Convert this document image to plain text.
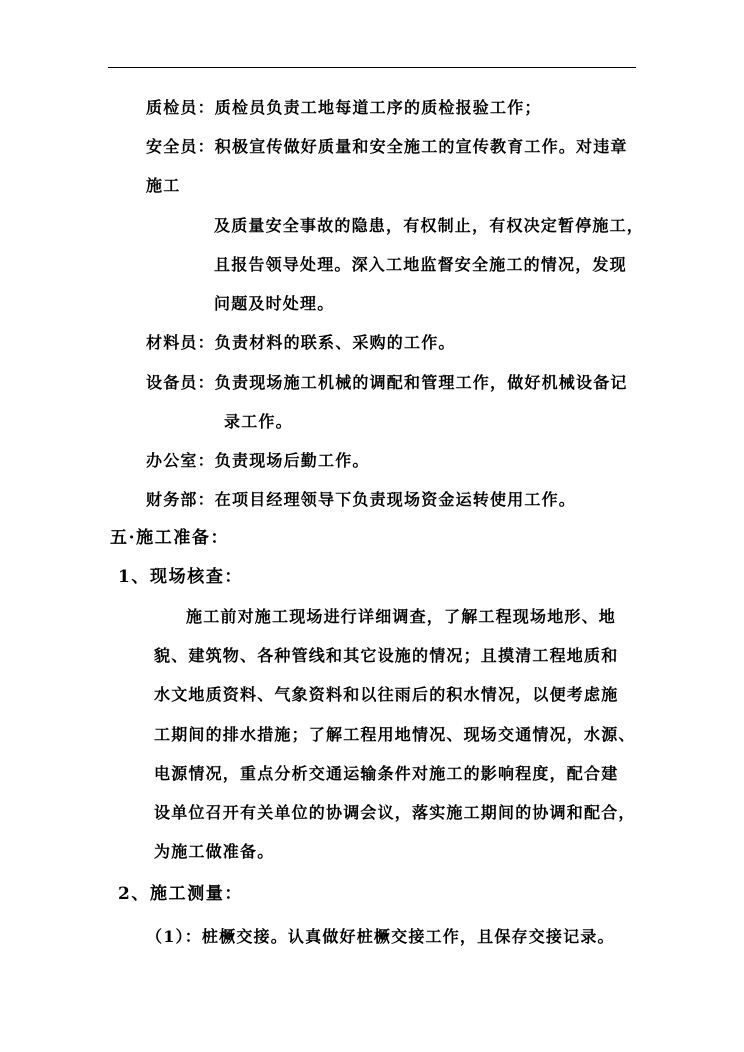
质检员：质检员负责工地每道工序的质检报验工作；
安全员：积极宣传做好质量和安全施工的宣传教育工作。对违章
施工
及质量安全事故的隐患，有权制止，有权决定暂停施工，
且报告领导处理。深入工地监督安全施工的情况，发现
问题及时处理。
材料员：负责材料的联系、采购的工作。
设备员：负责现场施工机械的调配和管理工作，做好机械设备记
录工作。
办公室：负责现场后勤工作。
财务部：在项目经理领导下负责现场资金运转使用工作。
五·施工准备：
1、现场核查：
施工前对施工现场进行详细调查，了解工程现场地形、地
貌、建筑物、各种管线和其它设施的情况；且摸清工程地质和
水文地质资料、气象资料和以往雨后的积水情况，以便考虑施
工期间的排水措施；了解工程用地情况、现场交通情况，水源、
电源情况，重点分析交通运输条件对施工的影响程度，配合建
设单位召开有关单位的协调会议，落实施工期间的协调和配合，
为施工做准备。
2、施工测量：
（1）：桩橛交接。认真做好桩橛交接工作，且保存交接记录。
